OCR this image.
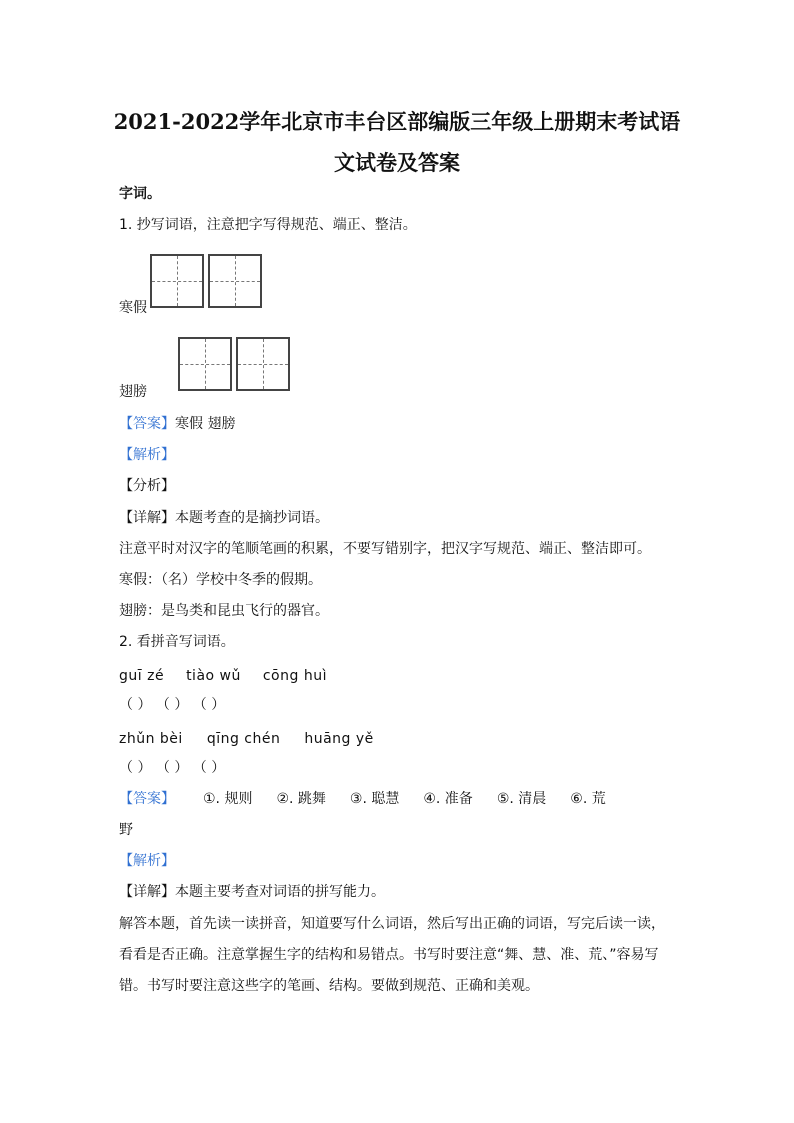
2021-2022学年北京市丰台区部编版三年级上册期末考试语
文试卷及答案
字词。
1. 抄写词语，注意把字写得规范、端正、整洁。
寒假
翅膀
【答案】寒假 翅膀
【解析】
【分析】
【详解】本题考查的是摘抄词语。
注意平时对汉字的笔顺笔画的积累，不要写错别字，把汉字写规范、端正、整洁即可。
寒假：（名）学校中冬季的假期。
翅膀：是鸟类和昆虫飞行的器官。
2. 看拼音写词语。
guī zé tiào wǔ cōng huì
（ ） （ ） （ ）
zhǔn bèi qīng chén huāng yě
（ ） （ ） （ ）
【答案】 ①. 规则 ②. 跳舞 ③. 聪慧 ④. 准备 ⑤. 清晨 ⑥. 荒
野
【解析】
【详解】本题主要考查对词语的拼写能力。
解答本题，首先读一读拼音，知道要写什么词语，然后写出正确的词语，写完后读一读，
看看是否正确。注意掌握生字的结构和易错点。书写时要注意“舞、慧、准、荒、”容易写
错。书写时要注意这些字的笔画、结构。要做到规范、正确和美观。
